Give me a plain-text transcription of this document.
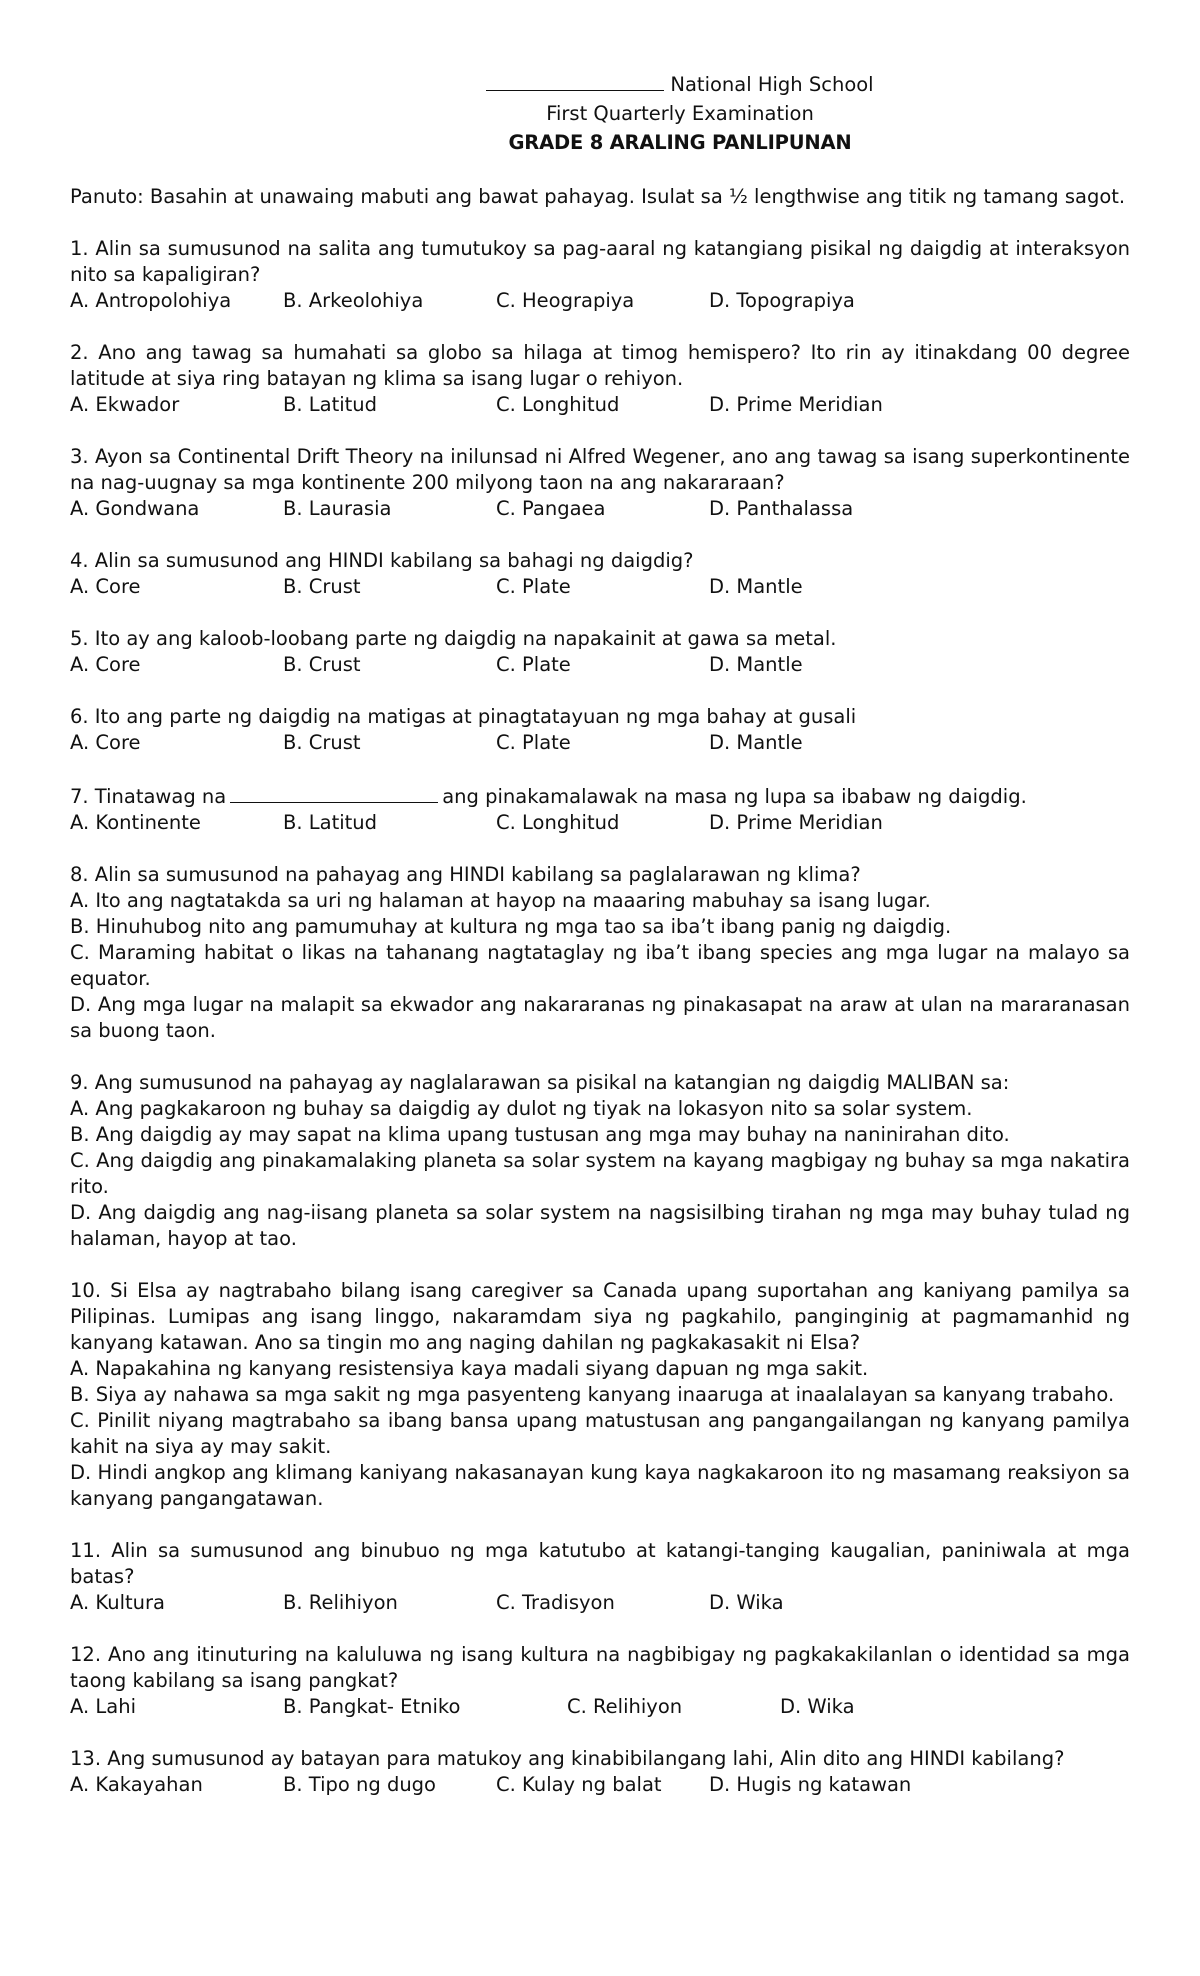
National High School
First Quarterly Examination
GRADE 8 ARALING PANLIPUNAN
Panuto: Basahin at unawaing mabuti ang bawat pahayag. Isulat sa ½ lengthwise ang titik ng tamang sagot.
1. Alin sa sumusunod na salita ang tumutukoy sa pag-aaral ng katangiang pisikal ng daigdig at interaksyon nito sa kapaligiran?
A. Antropolohiya	B. Arkeolohiya	C. Heograpiya	D. Topograpiya
2. Ano ang tawag sa humahati sa globo sa hilaga at timog hemispero? Ito rin ay itinakdang 00 degree latitude at siya ring batayan ng klima sa isang lugar o rehiyon.
A. Ekwador	B. Latitud	C. Longhitud	D. Prime Meridian
3. Ayon sa Continental Drift Theory na inilunsad ni Alfred Wegener, ano ang tawag sa isang superkontinente na nag-uugnay sa mga kontinente 200 milyong taon na ang nakararaan?
A. Gondwana	B. Laurasia	C. Pangaea	D. Panthalassa
4. Alin sa sumusunod ang HINDI kabilang sa bahagi ng daigdig?
A. Core	B. Crust	C. Plate	D. Mantle
5. Ito ay ang kaloob-loobang parte ng daigdig na napakainit at gawa sa metal.
A. Core	B. Crust	C. Plate	D. Mantle
6. Ito ang parte ng daigdig na matigas at pinagtatayuan ng mga bahay at gusali
A. Core	B. Crust	C. Plate	D. Mantle
7. Tinatawag na	ang pinakamalawak na masa ng lupa sa ibabaw ng daigdig.
A. Kontinente	B. Latitud	C. Longhitud	D. Prime Meridian
8. Alin sa sumusunod na pahayag ang HINDI kabilang sa paglalarawan ng klima?
A. Ito ang nagtatakda sa uri ng halaman at hayop na maaaring mabuhay sa isang lugar.
B. Hinuhubog nito ang pamumuhay at kultura ng mga tao sa iba’t ibang panig ng daigdig.
C. Maraming habitat o likas na tahanang nagtataglay ng iba’t ibang species ang mga lugar na malayo sa equator.
D. Ang mga lugar na malapit sa ekwador ang nakararanas ng pinakasapat na araw at ulan na mararanasan sa buong taon.
9. Ang sumusunod na pahayag ay naglalarawan sa pisikal na katangian ng daigdig MALIBAN sa:
A. Ang pagkakaroon ng buhay sa daigdig ay dulot ng tiyak na lokasyon nito sa solar system.
B. Ang daigdig ay may sapat na klima upang tustusan ang mga may buhay na naninirahan dito.
C. Ang daigdig ang pinakamalaking planeta sa solar system na kayang magbigay ng buhay sa mga nakatira rito.
D. Ang daigdig ang nag-iisang planeta sa solar system na nagsisilbing tirahan ng mga may buhay tulad ng halaman, hayop at tao.
10. Si Elsa ay nagtrabaho bilang isang caregiver sa Canada upang suportahan ang kaniyang pamilya sa Pilipinas. Lumipas ang isang linggo, nakaramdam siya ng pagkahilo, panginginig at pagmamanhid ng kanyang katawan. Ano sa tingin mo ang naging dahilan ng pagkakasakit ni Elsa?
A. Napakahina ng kanyang resistensiya kaya madali siyang dapuan ng mga sakit.
B. Siya ay nahawa sa mga sakit ng mga pasyenteng kanyang inaaruga at inaalalayan sa kanyang trabaho.
C. Pinilit niyang magtrabaho sa ibang bansa upang matustusan ang pangangailangan ng kanyang pamilya kahit na siya ay may sakit.
D. Hindi angkop ang klimang kaniyang nakasanayan kung kaya nagkakaroon ito ng masamang reaksiyon sa kanyang pangangatawan.
11. Alin sa sumusunod ang binubuo ng mga katutubo at katangi-tanging kaugalian, paniniwala at mga batas?
A. Kultura	B. Relihiyon	C. Tradisyon	D. Wika
12. Ano ang itinuturing na kaluluwa ng isang kultura na nagbibigay ng pagkakakilanlan o identidad sa mga taong kabilang sa isang pangkat?
A. Lahi	B. Pangkat- Etniko	C. Relihiyon	D. Wika
13. Ang sumusunod ay batayan para matukoy ang kinabibilangang lahi, Alin dito ang HINDI kabilang?
A. Kakayahan	B. Tipo ng dugo	C. Kulay ng balat	D. Hugis ng katawan
